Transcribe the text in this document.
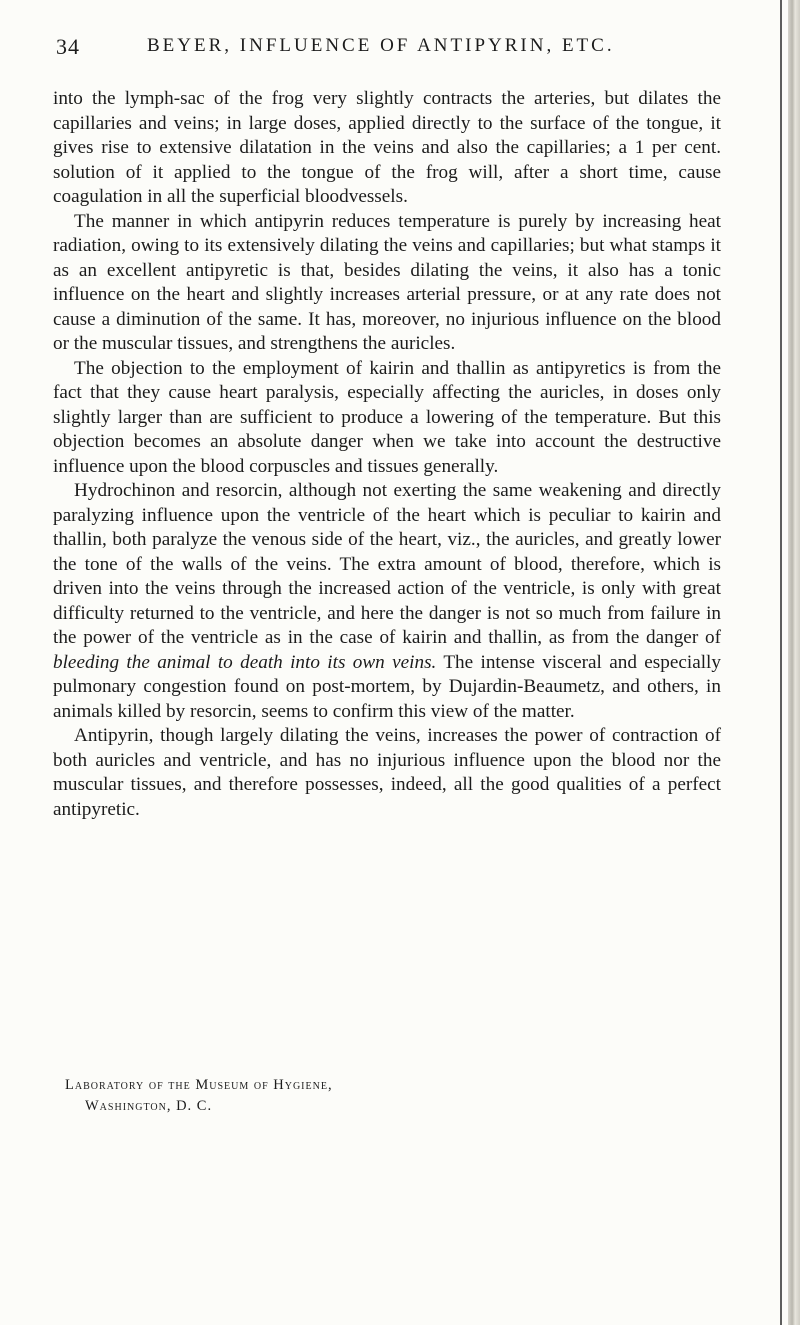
34	BEYER, INFLUENCE OF ANTIPYRIN, ETC.

into the lymph-sac of the frog very slightly contracts the arteries, but dilates the capillaries and veins; in large doses, applied directly to the surface of the tongue, it gives rise to extensive dilatation in the veins and also the capillaries; a 1 per cent. solution of it applied to the tongue of the frog will, after a short time, cause coagulation in all the superficial bloodvessels.

The manner in which antipyrin reduces temperature is purely by increasing heat radiation, owing to its extensively dilating the veins and capillaries; but what stamps it as an excellent antipyretic is that, besides dilating the veins, it also has a tonic influence on the heart and slightly increases arterial pressure, or at any rate does not cause a diminution of the same. It has, moreover, no injurious influence on the blood or the muscular tissues, and strengthens the auricles.

The objection to the employment of kairin and thallin as antipyretics is from the fact that they cause heart paralysis, especially affecting the auricles, in doses only slightly larger than are sufficient to produce a lowering of the temperature. But this objection becomes an absolute danger when we take into account the destructive influence upon the blood corpuscles and tissues generally.

Hydrochinon and resorcin, although not exerting the same weakening and directly paralyzing influence upon the ventricle of the heart which is peculiar to kairin and thallin, both paralyze the venous side of the heart, viz., the auricles, and greatly lower the tone of the walls of the veins. The extra amount of blood, therefore, which is driven into the veins through the increased action of the ventricle, is only with great difficulty returned to the ventricle, and here the danger is not so much from failure in the power of the ventricle as in the case of kairin and thallin, as from the danger of bleeding the animal to death into its own veins. The intense visceral and especially pulmonary congestion found on post-mortem, by Dujardin-Beaumetz, and others, in animals killed by resorcin, seems to confirm this view of the matter.

Antipyrin, though largely dilating the veins, increases the power of contraction of both auricles and ventricle, and has no injurious influence upon the blood nor the muscular tissues, and therefore possesses, indeed, all the good qualities of a perfect antipyretic.

Laboratory of the Museum of Hygiene,
Washington, D. C.
